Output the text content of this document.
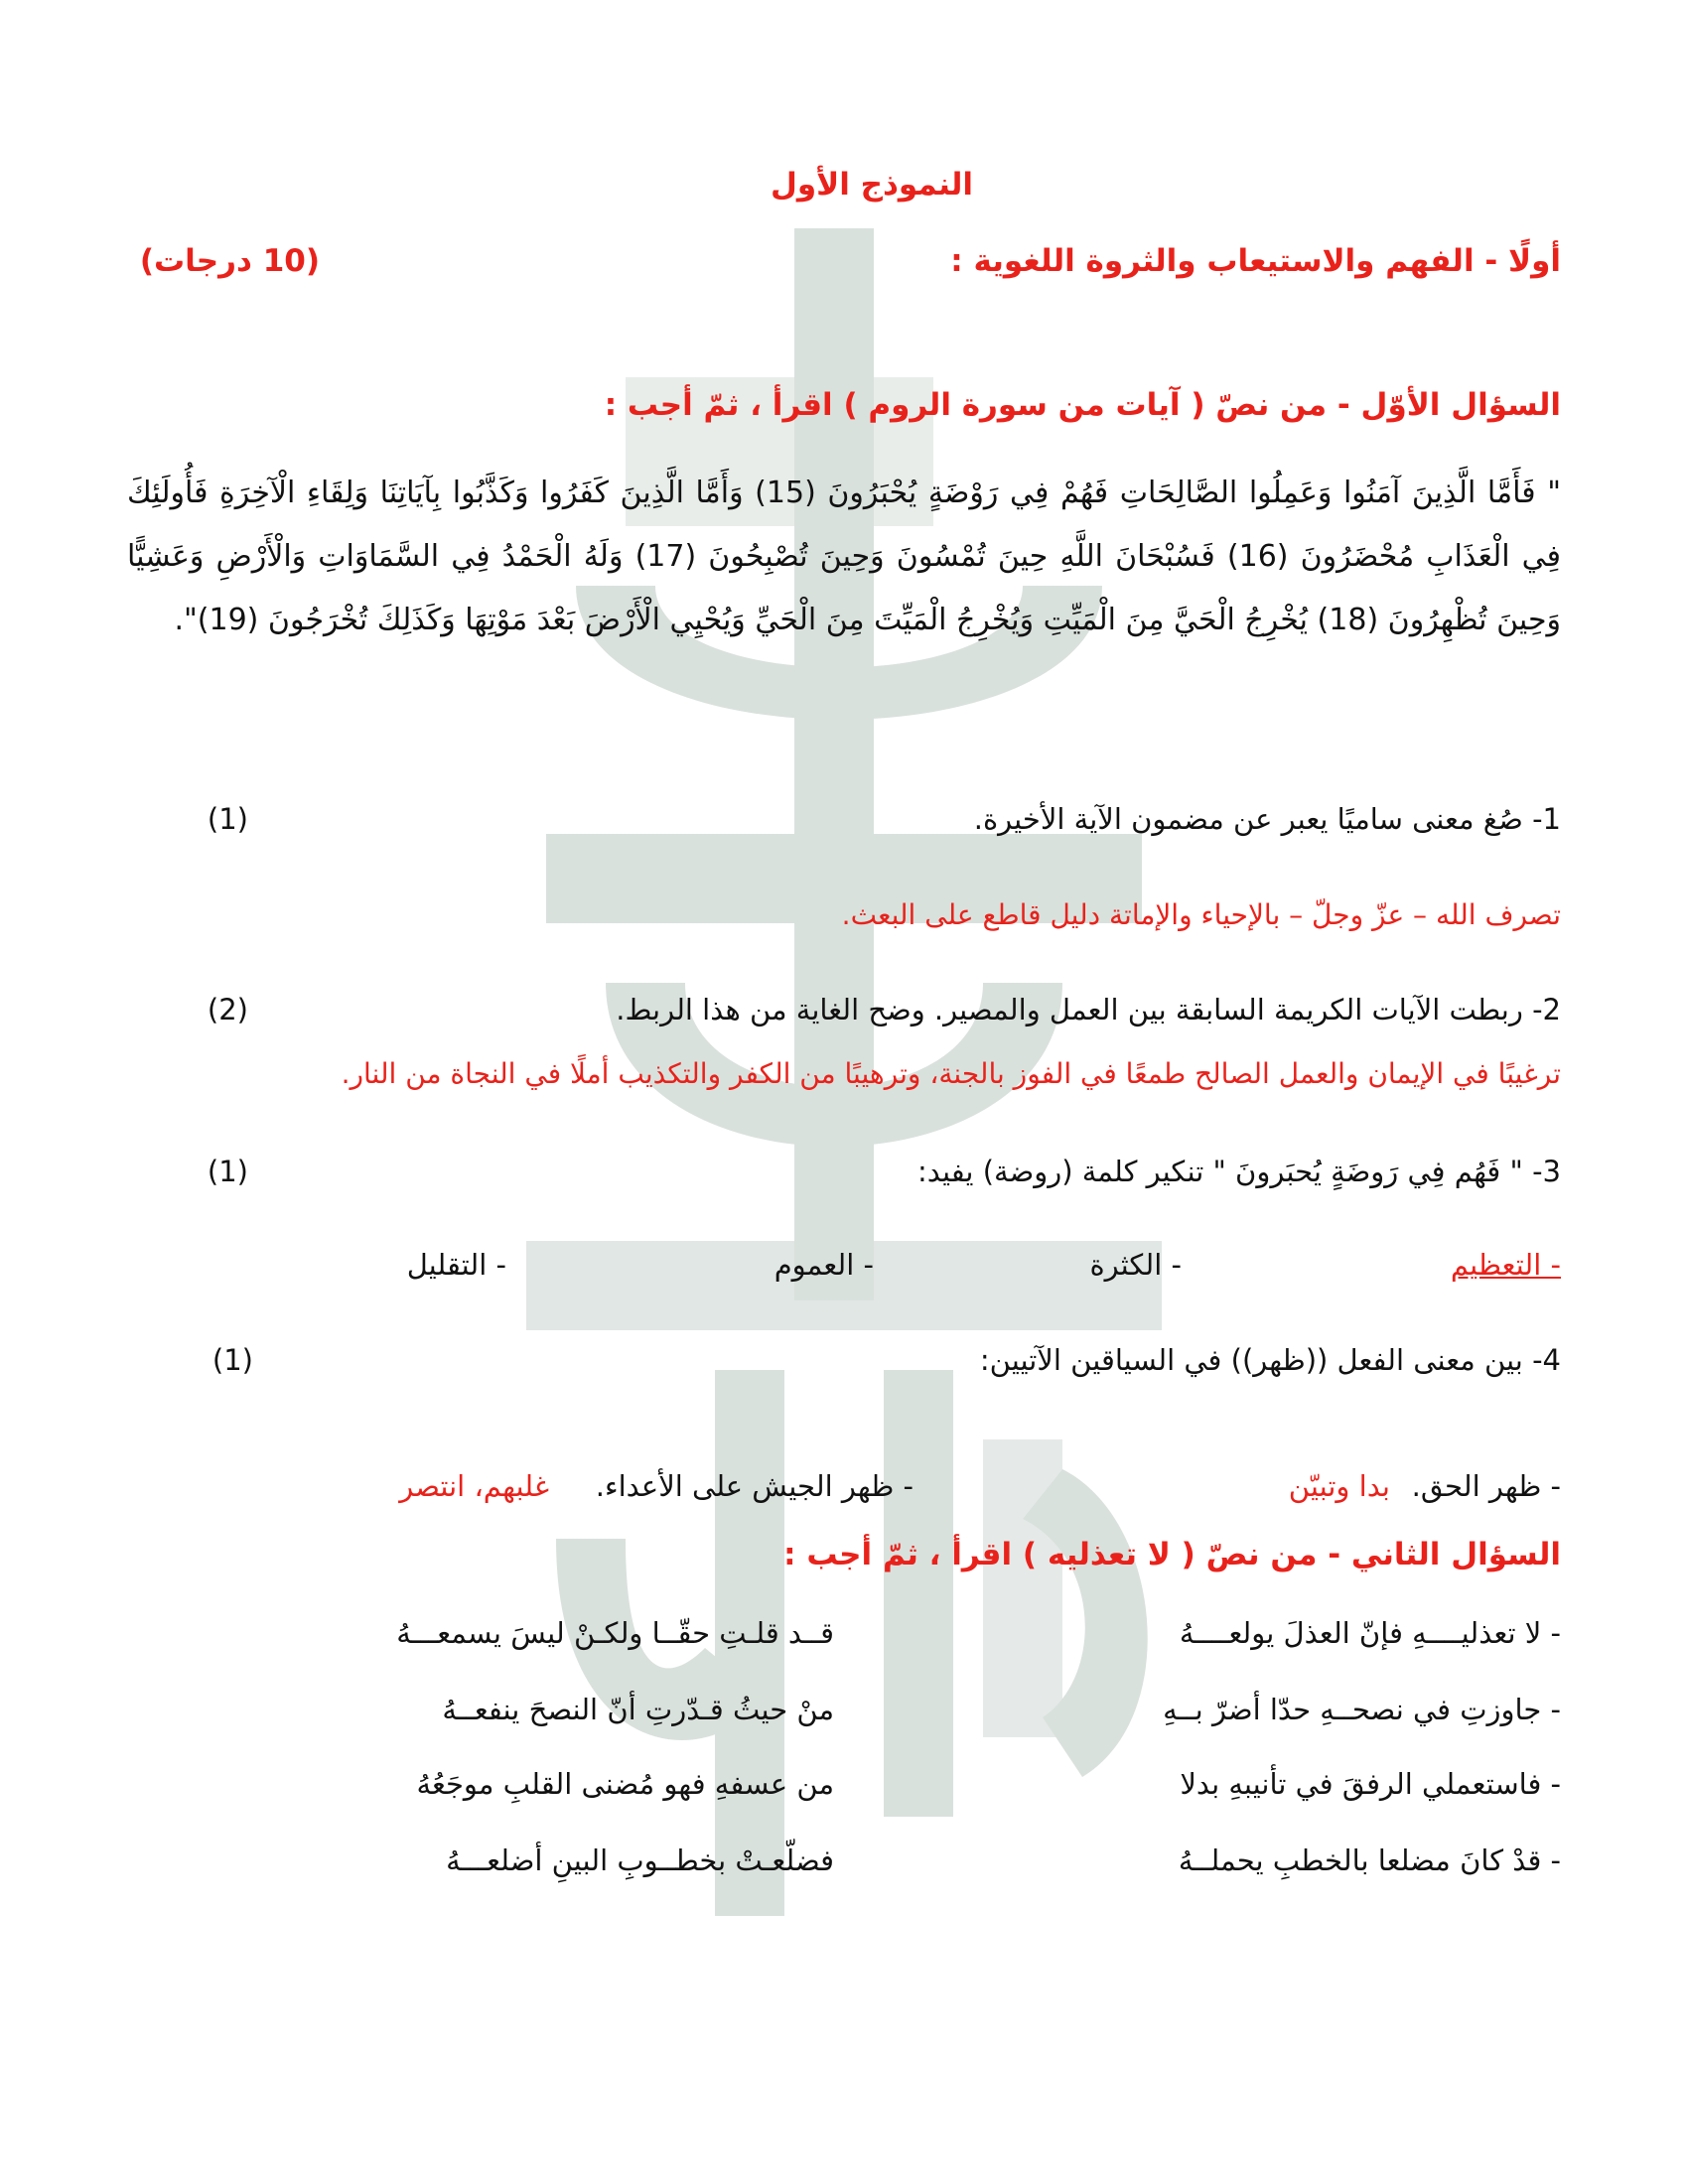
النموذج الأول
أولًا - الفهم والاستيعاب والثروة اللغوية :
(10 درجات)
السؤال الأوّل - من نصّ ( آيات من سورة الروم ) اقرأ ، ثمّ أجب :
" فَأَمَّا الَّذِينَ آمَنُوا وَعَمِلُوا الصَّالِحَاتِ فَهُمْ فِي رَوْضَةٍ يُحْبَرُونَ (15) وَأَمَّا الَّذِينَ كَفَرُوا وَكَذَّبُوا بِآيَاتِنَا وَلِقَاءِ الْآخِرَةِ فَأُولَئِكَ فِي الْعَذَابِ مُحْضَرُونَ (16) فَسُبْحَانَ اللَّهِ حِينَ تُمْسُونَ وَحِينَ تُصْبِحُونَ (17) وَلَهُ الْحَمْدُ فِي السَّمَاوَاتِ وَالْأَرْضِ وَعَشِيًّا وَحِينَ تُظْهِرُونَ (18) يُخْرِجُ الْحَيَّ مِنَ الْمَيِّتِ وَيُخْرِجُ الْمَيِّتَ مِنَ الْحَيِّ وَيُحْيِي الْأَرْضَ بَعْدَ مَوْتِهَا وَكَذَلِكَ تُخْرَجُونَ (19)".
1- صُغ معنى ساميًا يعبر عن مضمون الآية الأخيرة.
(1)
تصرف الله – عزّ وجلّ – بالإحياء والإماتة دليل قاطع على البعث.
2- ربطت الآيات الكريمة السابقة بين العمل والمصير. وضح الغاية من هذا الربط.
(2)
ترغيبًا في الإيمان والعمل الصالح طمعًا في الفوز بالجنة، وترهيبًا من الكفر والتكذيب أملًا في النجاة من النار.
3- " فَهُم فِي رَوضَةٍ يُحبَرونَ " تنكير كلمة (روضة) يفيد:
(1)
- التعظيم
- الكثرة
- العموم
- التقليل
4- بين معنى الفعل ((ظهر)) في السياقين الآتيين:
(1)
- ظهر الحق.
بدا وتبيّن
- ظهر الجيش على الأعداء.
غلبهم، انتصر
السؤال الثاني - من نصّ ( لا تعذليه ) اقرأ ، ثمّ أجب :
- لا تعذليــــهِ فإنّ العذلَ يولعــــهُ
قــد قلـتِ حقّــا ولكـنْ ليسَ يسمعـــهُ
- جاوزتِ في نصحــهِ حدّا أضرّ بــهِ
منْ حيثُ قـدّرتِ أنّ النصحَ ينفعــهُ
- فاستعملي الرفقَ في تأنيبهِ بدلا
من عسفهِ فهو مُضنى القلبِ موجَعُهُ
- قدْ كانَ مضلعا بالخطبِ يحملــهُ
فضلّعـتْ بخطــوبِ البينِ أضلعـــهُ
